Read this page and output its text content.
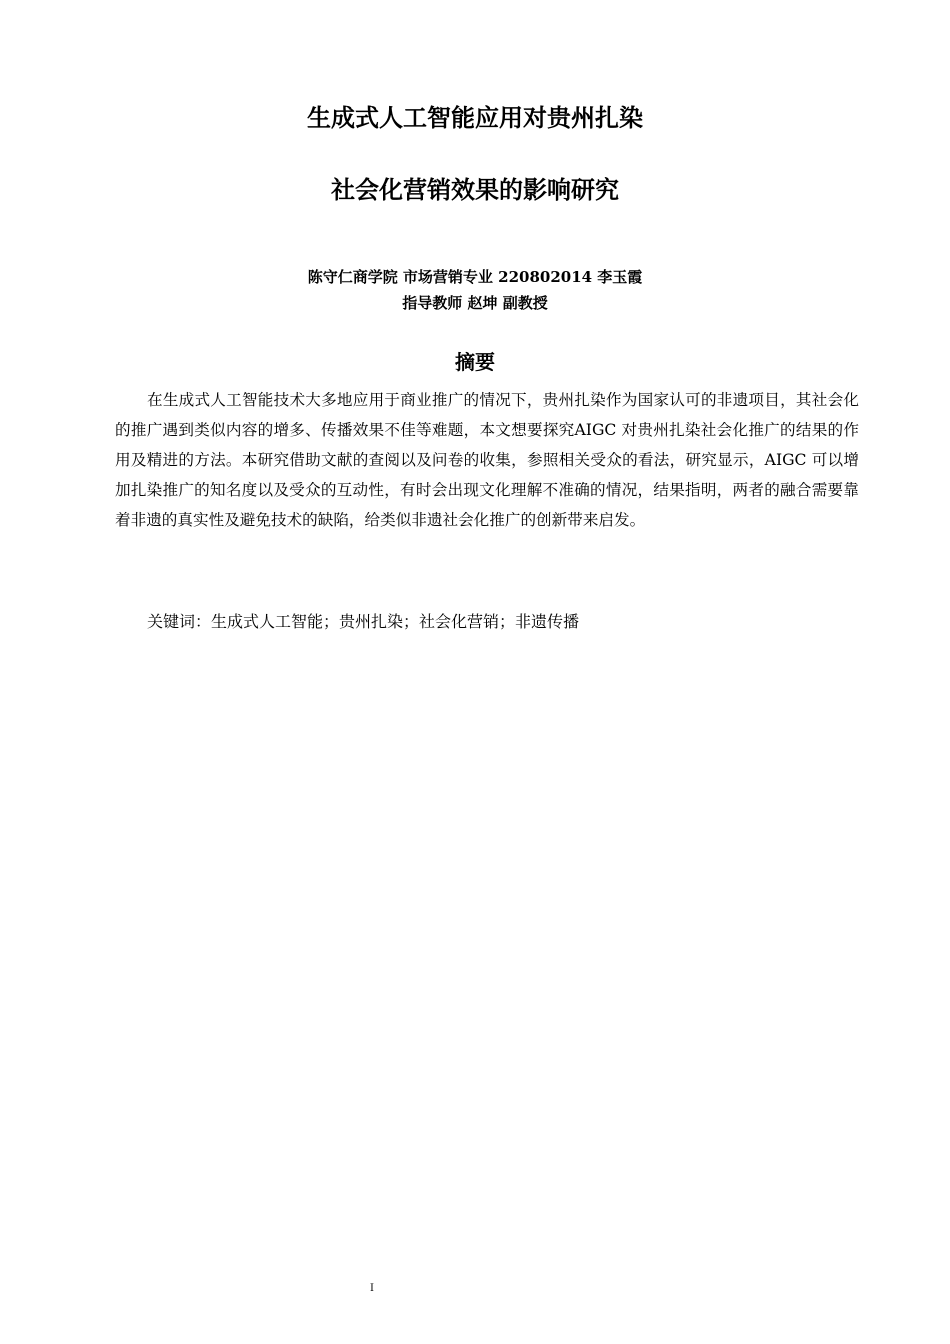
生成式人工智能应用对贵州扎染
社会化营销效果的影响研究
陈守仁商学院 市场营销专业 220802014 李玉霞
指导教师 赵坤 副教授
摘要

在生成式人工智能技术大多地应用于商业推广的情况下，贵州扎染作为国家认可的非遗项目，其社会化的推广遇到类似内容的增多、传播效果不佳等难题，本文想要探究AIGC 对贵州扎染社会化推广的结果的作用及精进的方法。本研究借助文献的查阅以及问卷的收集，参照相关受众的看法，研究显示，AIGC 可以增加扎染推广的知名度以及受众的互动性，有时会出现文化理解不准确的情况，结果指明，两者的融合需要靠着非遗的真实性及避免技术的缺陷，给类似非遗社会化推广的创新带来启发。

关键词：生成式人工智能；贵州扎染；社会化营销；非遗传播
I
